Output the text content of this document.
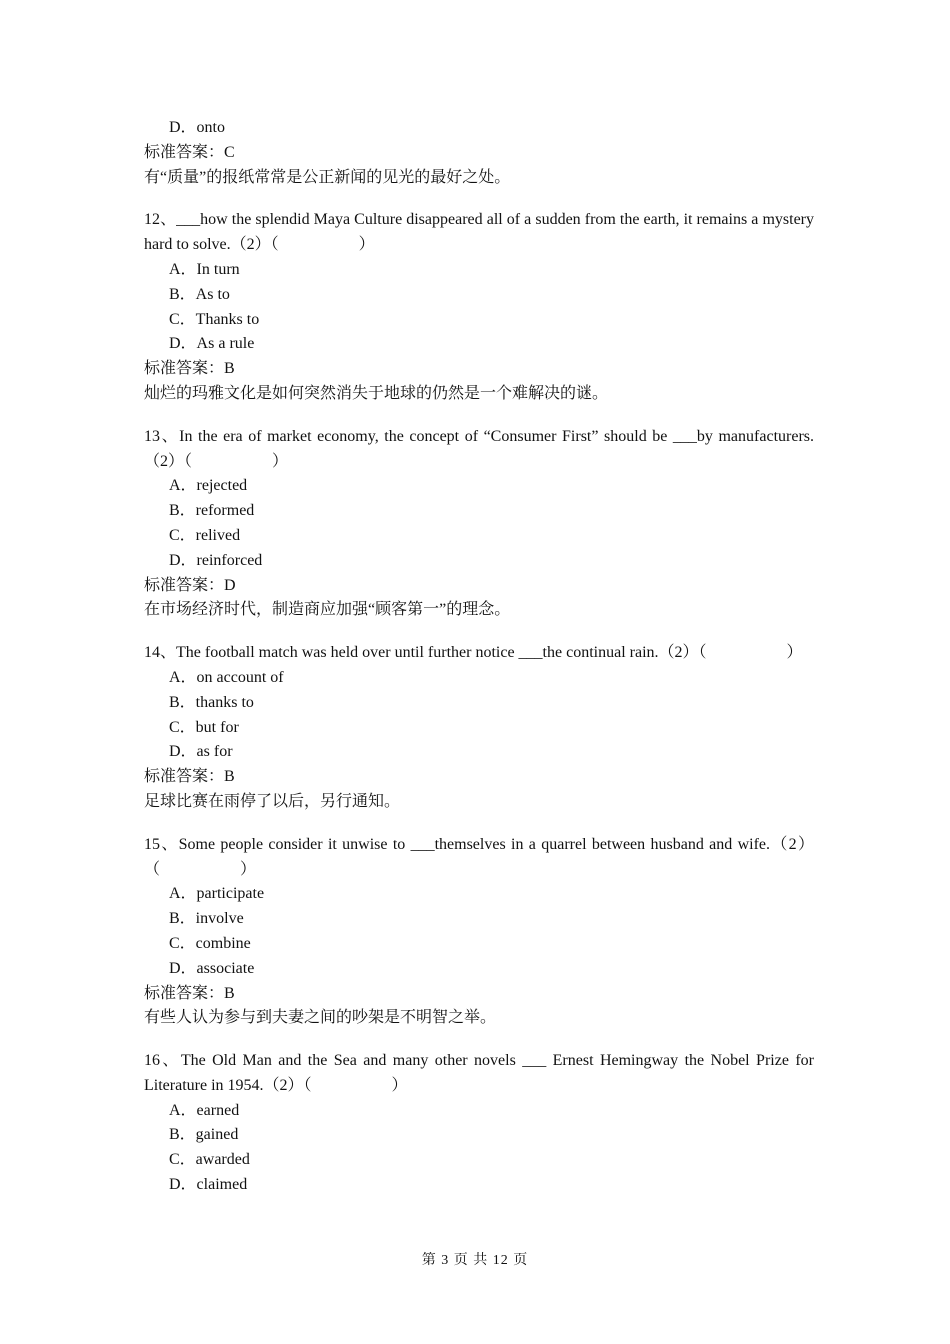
D．onto
标准答案：C
有“质量”的报纸常常是公正新闻的见光的最好之处。
12、___how the splendid Maya Culture disappeared all of a sudden from the earth, it remains a mystery hard to solve.（2）（　　　　　）
A．In turn
B．As to
C．Thanks to
D．As a rule
标准答案：B
灿烂的玛雅文化是如何突然消失于地球的仍然是一个难解决的谜。
13、In the era of market economy, the concept of “Consumer First” should be ___by manufacturers.（2）（　　　　　）
A．rejected
B．reformed
C．relived
D．reinforced
标准答案：D
在市场经济时代，制造商应加强“顾客第一”的理念。
14、The football match was held over until further notice ___the continual rain.（2）（　　　　　）
A．on account of
B．thanks to
C．but for
D．as for
标准答案：B
足球比赛在雨停了以后，另行通知。
15、Some people consider it unwise to ___themselves in a quarrel between husband and wife.（2）（　　　　　）
A．participate
B．involve
C．combine
D．associate
标准答案：B
有些人认为参与到夫妻之间的吵架是不明智之举。
16、The Old Man and the Sea and many other novels ___ Ernest Hemingway the Nobel Prize for Literature in 1954.（2）（　　　　　）
A．earned
B．gained
C．awarded
D．claimed
第 3 页 共 12 页
